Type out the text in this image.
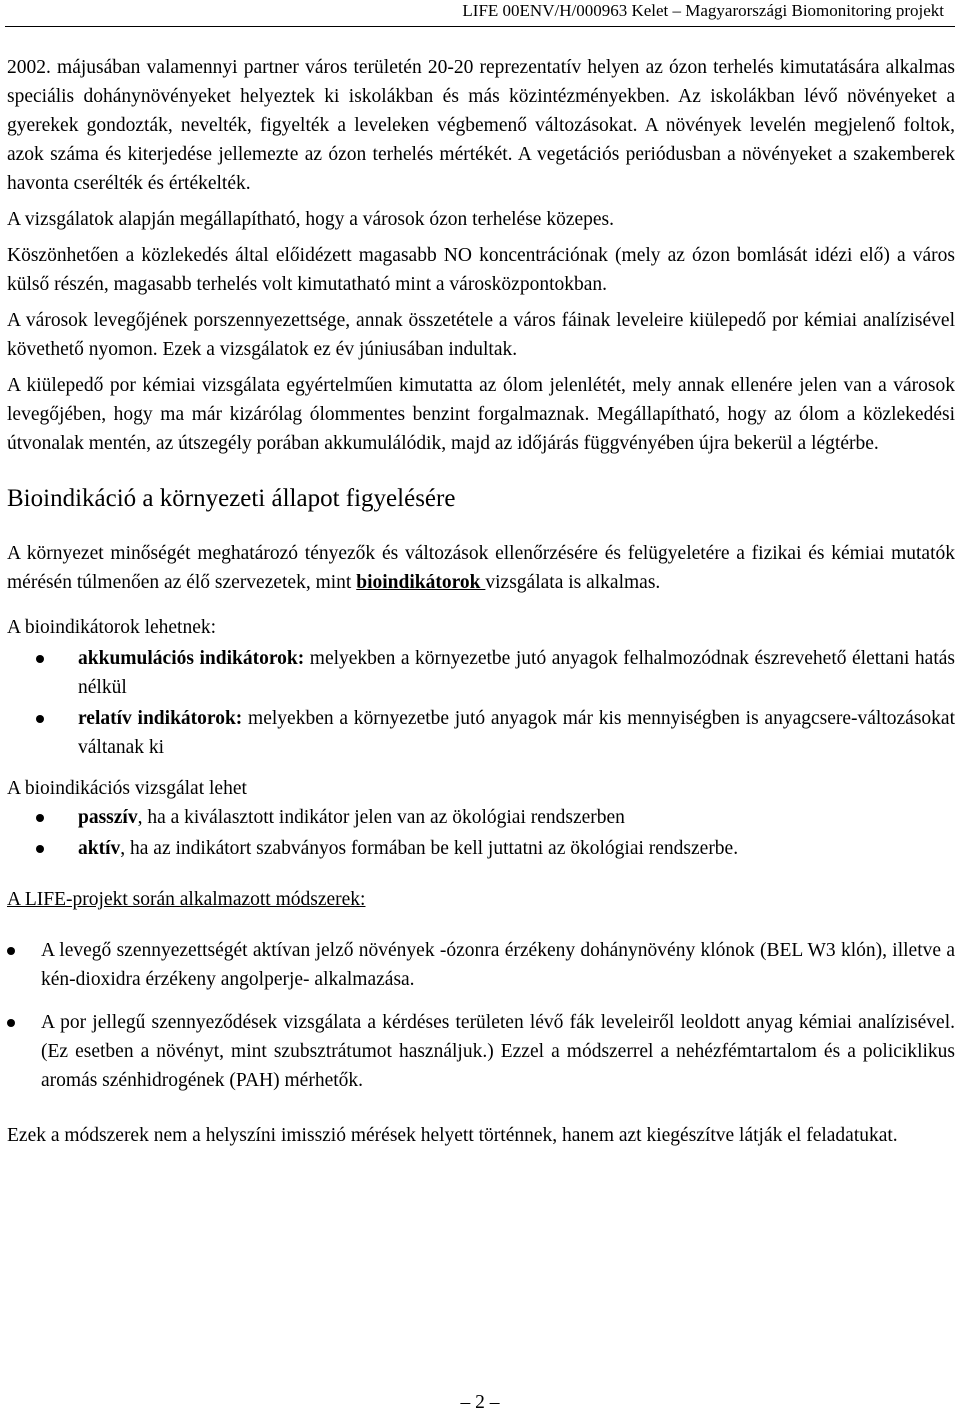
LIFE 00ENV/H/000963 Kelet – Magyarországi Biomonitoring projekt

2002. májusában valamennyi partner város területén 20-20 reprezentatív helyen az ózon terhelés kimutatására alkalmas speciális dohánynövényeket helyeztek ki iskolákban és más közintézményekben. Az iskolákban lévő növényeket a gyerekek gondozták, nevelték, figyelték a leveleken végbemenő változásokat. A növények levelén megjelenő foltok, azok száma és kiterjedése jellemezte az ózon terhelés mértékét. A vegetációs periódusban a növényeket a szakemberek havonta cserélték és értékelték.

A vizsgálatok alapján megállapítható, hogy a városok ózon terhelése közepes.

Köszönhetően a közlekedés által előidézett magasabb NO koncentrációnak (mely az ózon bomlását idézi elő) a város külső részén, magasabb terhelés volt kimutatható mint a városközpontokban.

A városok levegőjének porszennyezettsége, annak összetétele a város fáinak leveleire kiülepedő por kémiai analízisével követhető nyomon. Ezek a vizsgálatok ez év júniusában indultak.

A kiülepedő por kémiai vizsgálata egyértelműen kimutatta az ólom jelenlétét, mely annak ellenére jelen van a városok levegőjében, hogy ma már kizárólag ólommentes benzint forgalmaznak. Megállapítható, hogy az ólom a közlekedési útvonalak mentén, az útszegély porában akkumulálódik, majd az időjárás függvényében újra bekerül a légtérbe.

Bioindikáció a környezeti állapot figyelésére

A környezet minőségét meghatározó tényezők és változások ellenőrzésére és felügyeletére a fizikai és kémiai mutatók mérésén túlmenően az élő szervezetek, mint bioindikátorok vizsgálata is alkalmas.

A bioindikátorok lehetnek:

akkumulációs indikátorok: melyekben a környezetbe jutó anyagok felhalmozódnak észrevehető élettani hatás nélkül
relatív indikátorok: melyekben a környezetbe jutó anyagok már kis mennyiségben is anyagcsere-változásokat váltanak ki

A bioindikációs vizsgálat lehet

passzív, ha a kiválasztott indikátor jelen van az ökológiai rendszerben
aktív, ha az indikátort szabványos formában be kell juttatni az ökológiai rendszerbe.

A LIFE-projekt során alkalmazott módszerek:

A levegő szennyezettségét aktívan jelző növények -ózonra érzékeny dohánynövény klónok (BEL W3 klón), illetve a kén-dioxidra érzékeny angolperje- alkalmazása.
A por jellegű szennyeződések vizsgálata a kérdéses területen lévő fák leveleiről leoldott anyag kémiai analízisével. (Ez esetben a növényt, mint szubsztrátumot használjuk.) Ezzel a módszerrel a nehézfémtartalom és a policiklikus aromás szénhidrogének (PAH) mérhetők.

Ezek a módszerek nem a helyszíni imisszió mérések helyett történnek, hanem azt kiegészítve látják el feladatukat.

– 2 –
